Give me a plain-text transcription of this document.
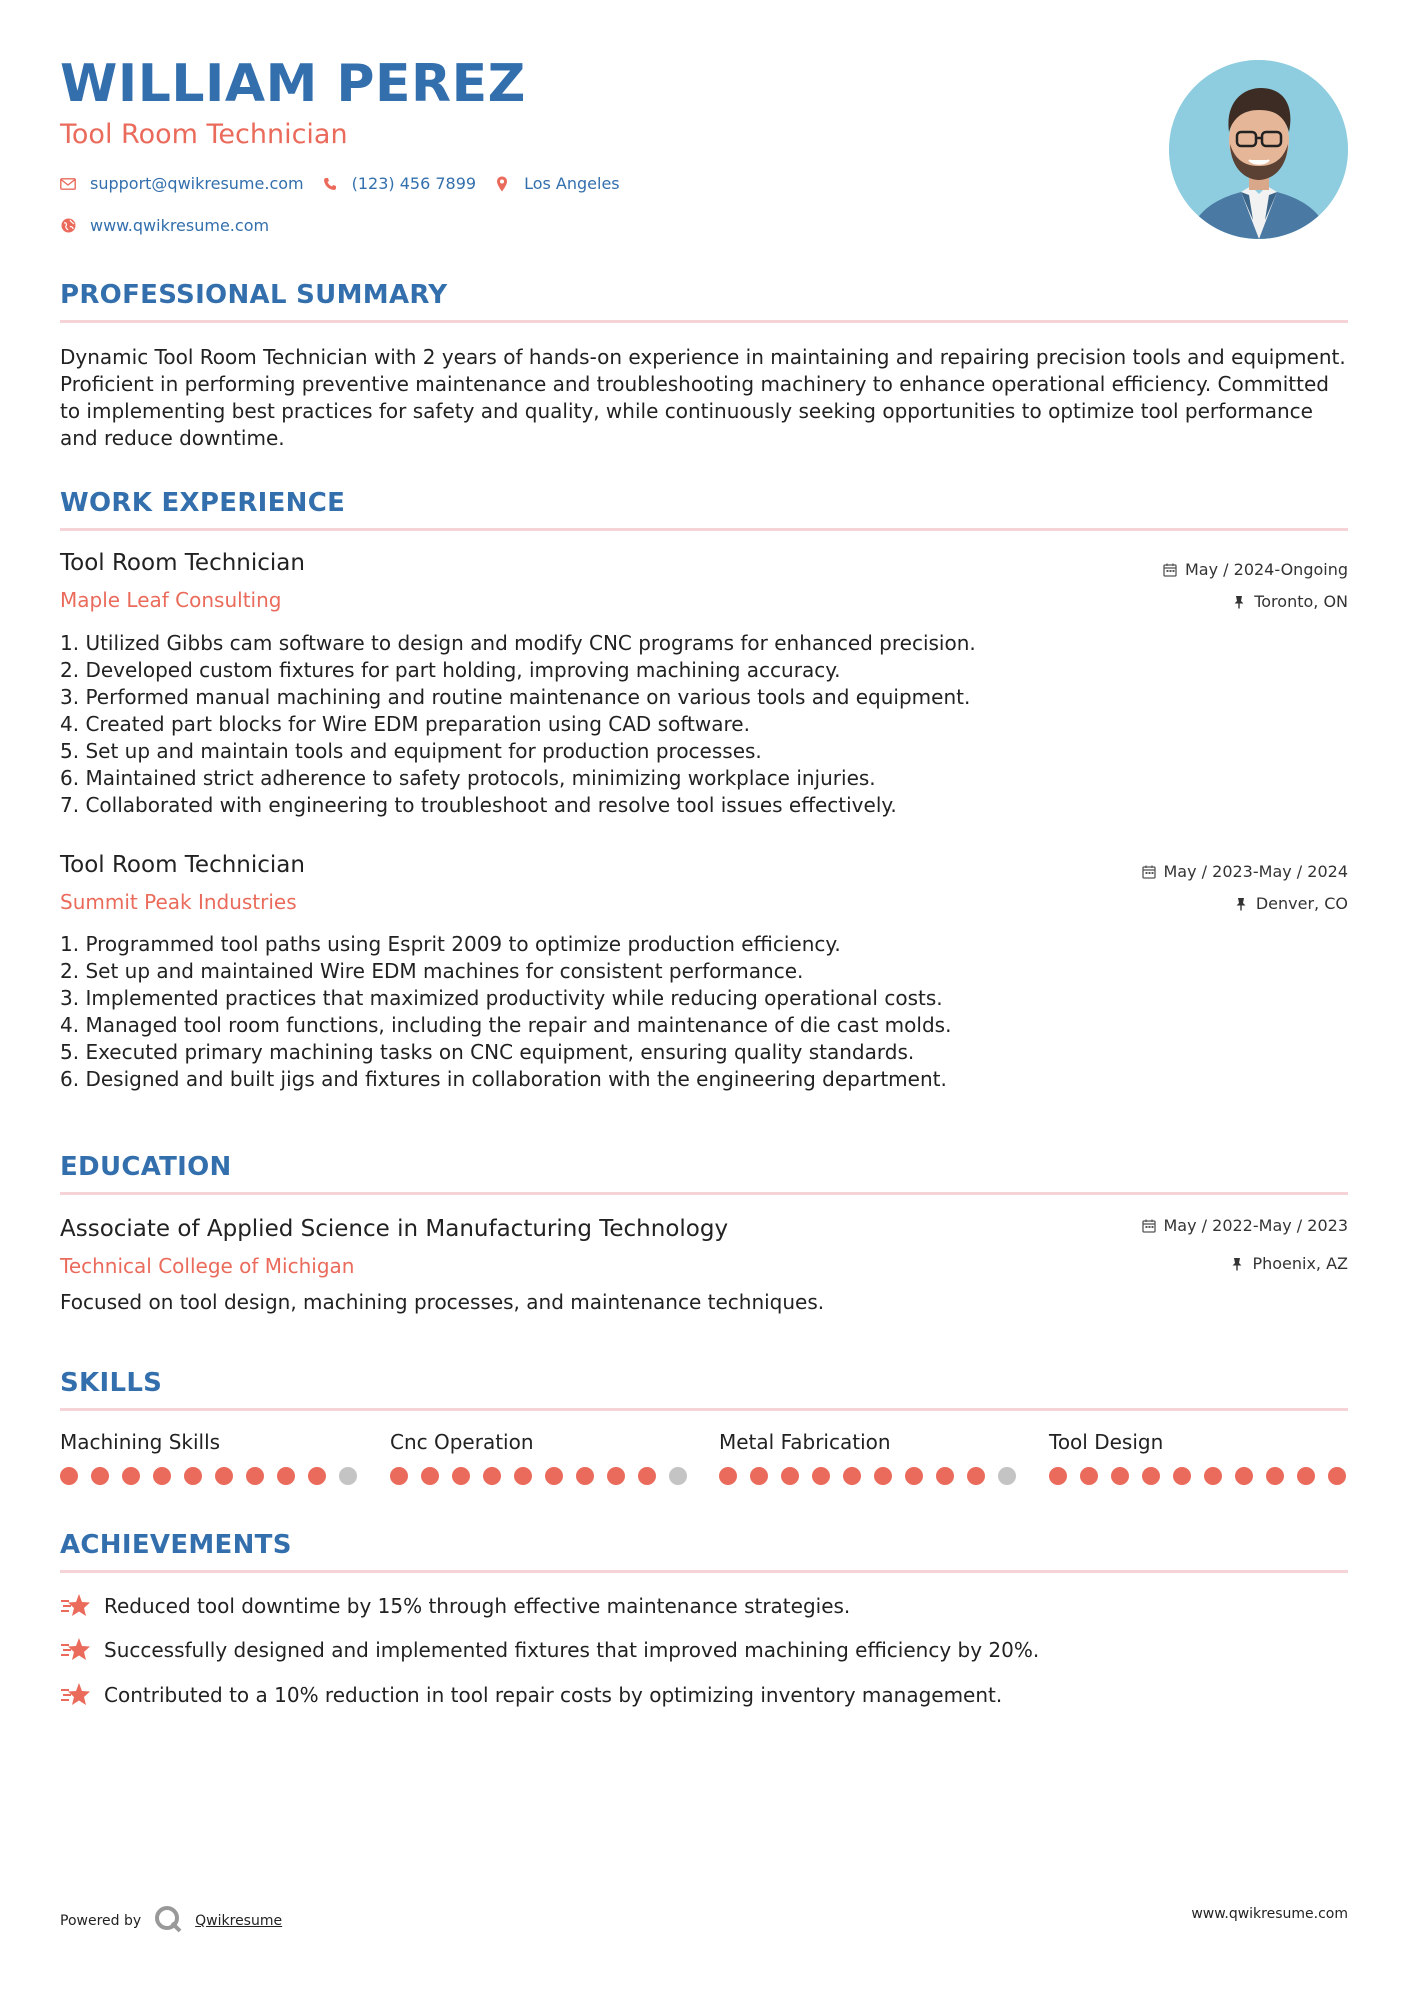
WILLIAM PEREZ
Tool Room Technician
support@qwikresume.com	(123) 456 7899	Los Angeles
www.qwikresume.com
PROFESSIONAL SUMMARY
Dynamic Tool Room Technician with 2 years of hands-on experience in maintaining and repairing precision tools and equipment. Proficient in performing preventive maintenance and troubleshooting machinery to enhance operational efficiency. Committed to implementing best practices for safety and quality, while continuously seeking opportunities to optimize tool performance and reduce downtime.
WORK EXPERIENCE
Tool Room Technician
Maple Leaf Consulting
May / 2024-Ongoing
Toronto, ON
1. Utilized Gibbs cam software to design and modify CNC programs for enhanced precision.
2. Developed custom fixtures for part holding, improving machining accuracy.
3. Performed manual machining and routine maintenance on various tools and equipment.
4. Created part blocks for Wire EDM preparation using CAD software.
5. Set up and maintain tools and equipment for production processes.
6. Maintained strict adherence to safety protocols, minimizing workplace injuries.
7. Collaborated with engineering to troubleshoot and resolve tool issues effectively.
Tool Room Technician
Summit Peak Industries
May / 2023-May / 2024
Denver, CO
1. Programmed tool paths using Esprit 2009 to optimize production efficiency.
2. Set up and maintained Wire EDM machines for consistent performance.
3. Implemented practices that maximized productivity while reducing operational costs.
4. Managed tool room functions, including the repair and maintenance of die cast molds.
5. Executed primary machining tasks on CNC equipment, ensuring quality standards.
6. Designed and built jigs and fixtures in collaboration with the engineering department.
EDUCATION
Associate of Applied Science in Manufacturing Technology
Technical College of Michigan
May / 2022-May / 2023
Phoenix, AZ
Focused on tool design, machining processes, and maintenance techniques.
SKILLS
Machining Skills	Cnc Operation	Metal Fabrication	Tool Design
ACHIEVEMENTS
Reduced tool downtime by 15% through effective maintenance strategies.
Successfully designed and implemented fixtures that improved machining efficiency by 20%.
Contributed to a 10% reduction in tool repair costs by optimizing inventory management.
Powered by	Qwikresume	www.qwikresume.com
